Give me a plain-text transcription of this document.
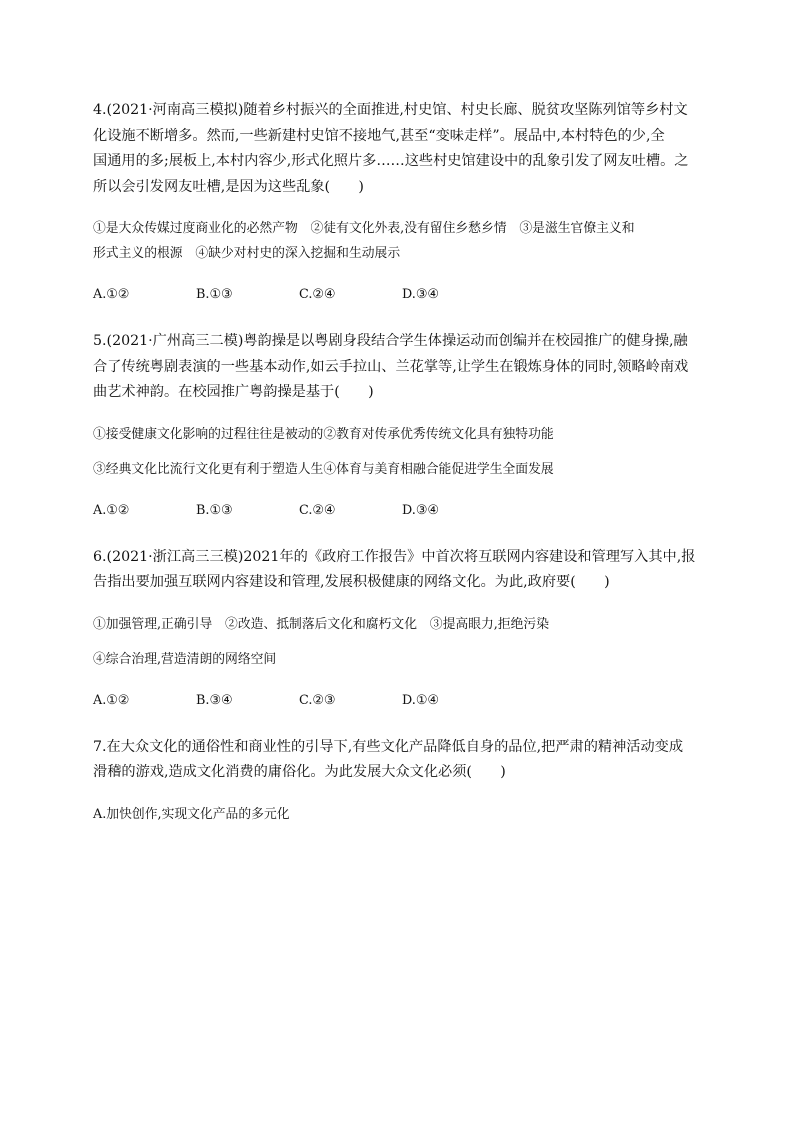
4.(2021·河南高三模拟)随着乡村振兴的全面推进,村史馆、村史长廊、脱贫攻坚陈列馆等乡村文
化设施不断增多。然而,一些新建村史馆不接地气,甚至“变味走样”。展品中,本村特色的少,全
国通用的多;展板上,本村内容少,形式化照片多……这些村史馆建设中的乱象引发了网友吐槽。之
所以会引发网友吐槽,是因为这些乱象(　　)
①是大众传媒过度商业化的必然产物　②徒有文化外表,没有留住乡愁乡情　③是滋生官僚主义和
形式主义的根源　④缺少对村史的深入挖掘和生动展示
A.①②	B.①③	C.②④	D.③④
5.(2021·广州高三二模)粤韵操是以粤剧身段结合学生体操运动而创编并在校园推广的健身操,融
合了传统粤剧表演的一些基本动作,如云手拉山、兰花掌等,让学生在锻炼身体的同时,领略岭南戏
曲艺术神韵。在校园推广粤韵操是基于(　　)
①接受健康文化影响的过程往往是被动的②教育对传承优秀传统文化具有独特功能
③经典文化比流行文化更有利于塑造人生④体育与美育相融合能促进学生全面发展
A.①②	B.①③	C.②④	D.③④
6.(2021·浙江高三三模)2021年的《政府工作报告》中首次将互联网内容建设和管理写入其中,报
告指出要加强互联网内容建设和管理,发展积极健康的网络文化。为此,政府要(　　)
①加强管理,正确引导　②改造、抵制落后文化和腐朽文化　③提高眼力,拒绝污染
④综合治理,营造清朗的网络空间
A.①②	B.③④	C.②③	D.①④
7.在大众文化的通俗性和商业性的引导下,有些文化产品降低自身的品位,把严肃的精神活动变成
滑稽的游戏,造成文化消费的庸俗化。为此发展大众文化必须(　　)
A.加快创作,实现文化产品的多元化
